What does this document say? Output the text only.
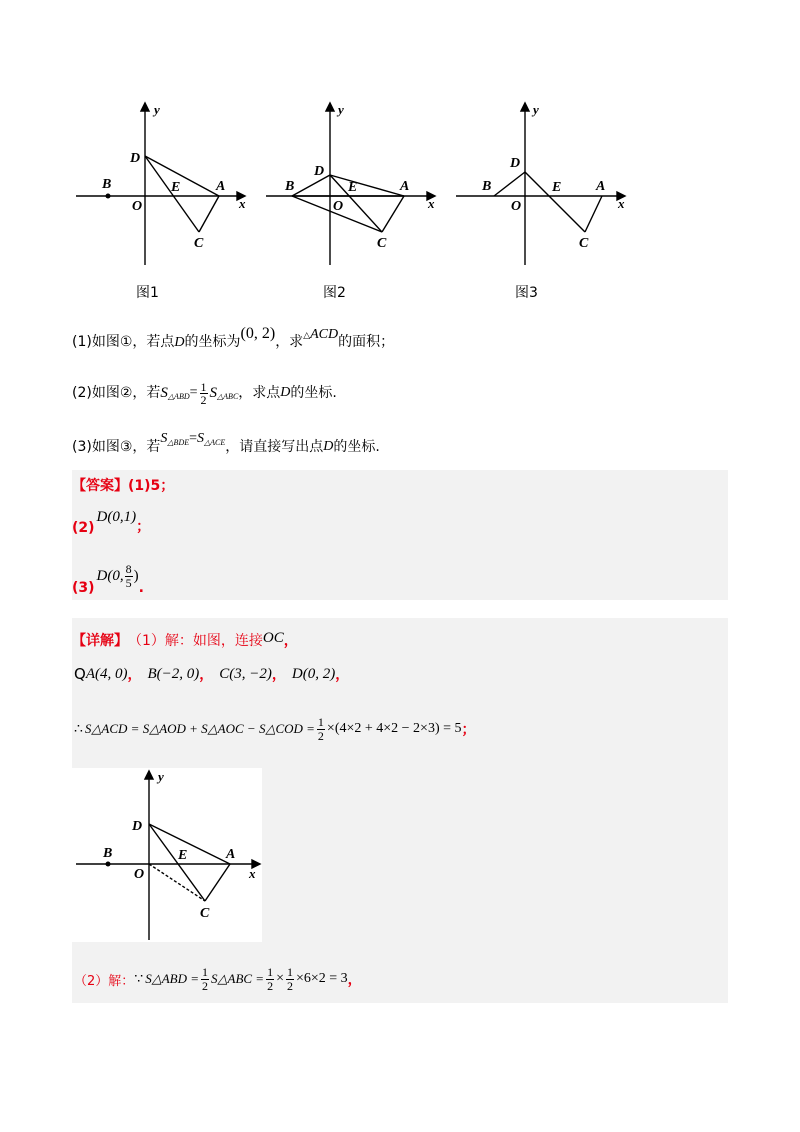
y
x
D
B	E	A
O
C
图1
y
x
D
B	E	A
O
C
图2
y
x
D
B	E A
O
C
图3
(1)如图①，若点D的坐标为(0, 2)，求△ACD的面积；
(2) 如图②，若 S △ABD = $\frac{1}{2}$ S △ABC ，求点 D 的坐标.
(3) 如图③，若
S △BDE = S △ACE ，请直接写出点 D 的坐标.
【答案】(1)5；
(2)
D(0,1)
；
(3)
D(0, $\frac{8}{5}$ )
.
【详解】 （1）解：如图，连接 OC ，
Q A(4, 0) ， B(−2, 0) ， C(3, −2) ， D(0, 2) ，
∴ S△ACD = S△AOD + S△AOC − S△COD = $\frac{1}{2} \times(4\times 2 + 4\times 2 - 2\times 3) = 5$ ；
y
x
D
B	E	A
O
C
（2）解： ∵ S△ABD = $\frac{1}{2}$ S△ABC = $\frac{1}{2} \times \frac{1}{2} \times 6\times 2 = 3$ ，
